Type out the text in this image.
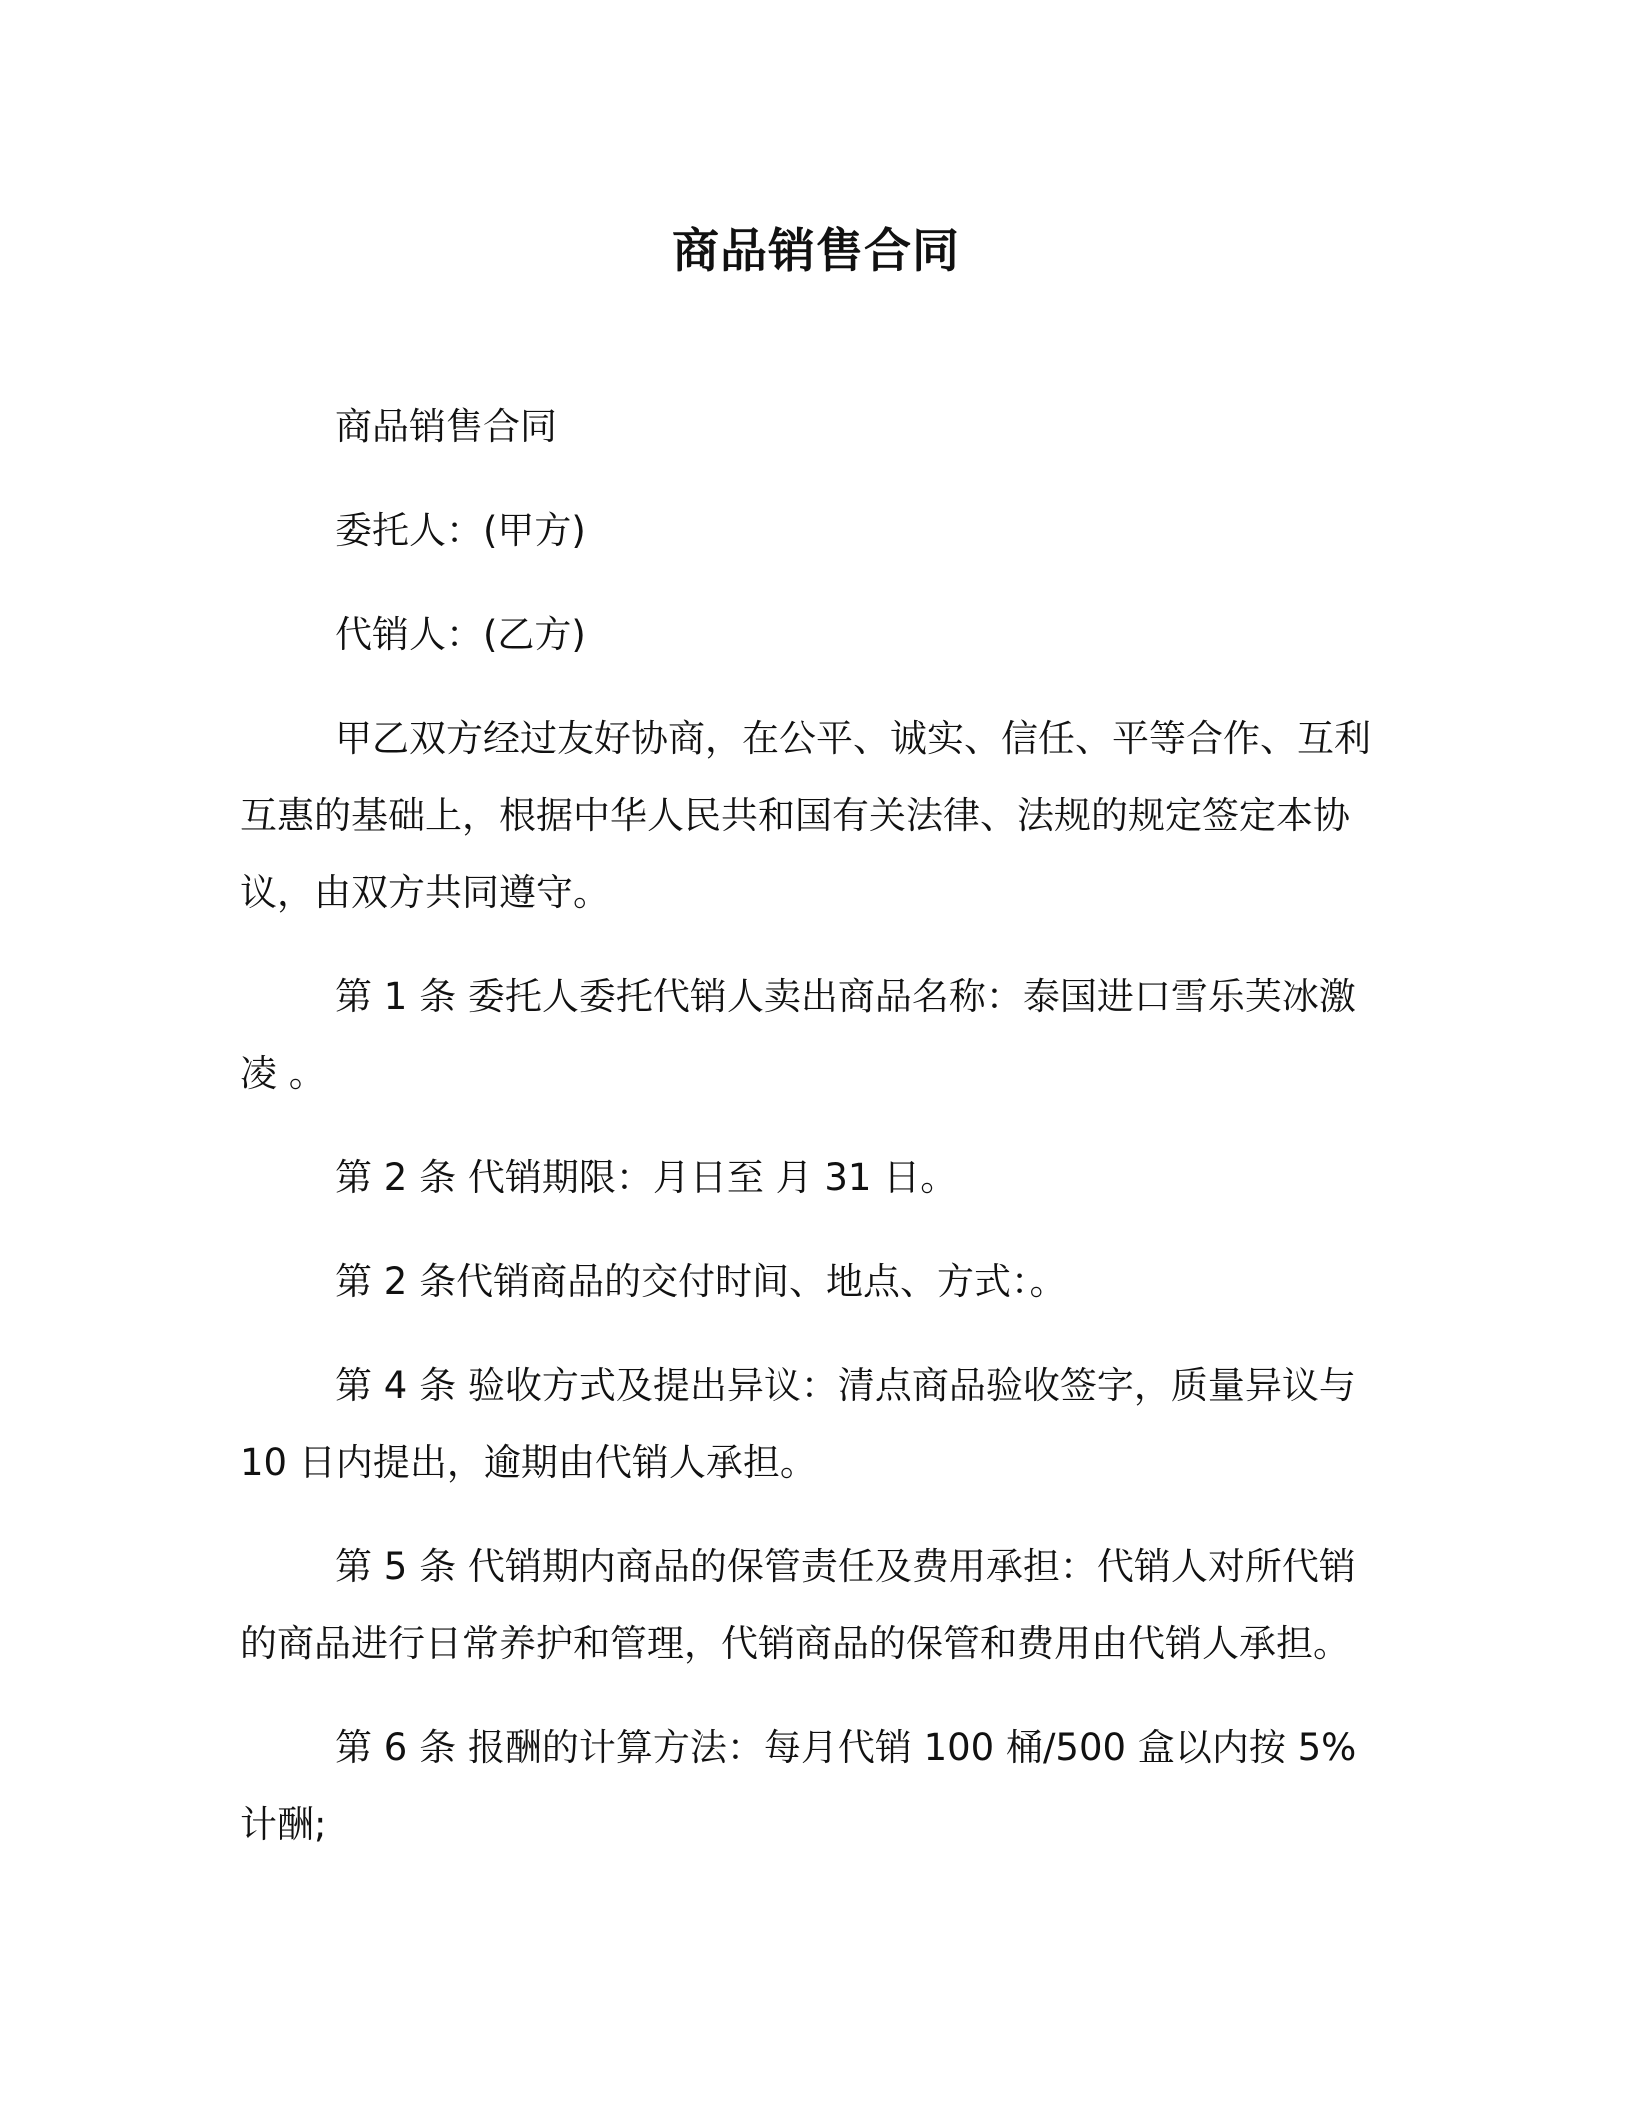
商品销售合同

商品销售合同

委托人：(甲方)

代销人：(乙方)

甲乙双方经过友好协商，在公平、诚实、信任、平等合作、互利互惠的基础上，根据中华人民共和国有关法律、法规的规定签定本协议，由双方共同遵守。

第 1 条 委托人委托代销人卖出商品名称：泰国进口雪乐芙冰激凌 。

第 2 条 代销期限：月日至 月 31 日。

第 2 条代销商品的交付时间、地点、方式：。

第 4 条 验收方式及提出异议：清点商品验收签字，质量异议与 10 日内提出，逾期由代销人承担。

第 5 条 代销期内商品的保管责任及费用承担：代销人对所代销的商品进行日常养护和管理，代销商品的保管和费用由代销人承担。

第 6 条 报酬的计算方法：每月代销 100 桶/500 盒以内按 5%计酬;
